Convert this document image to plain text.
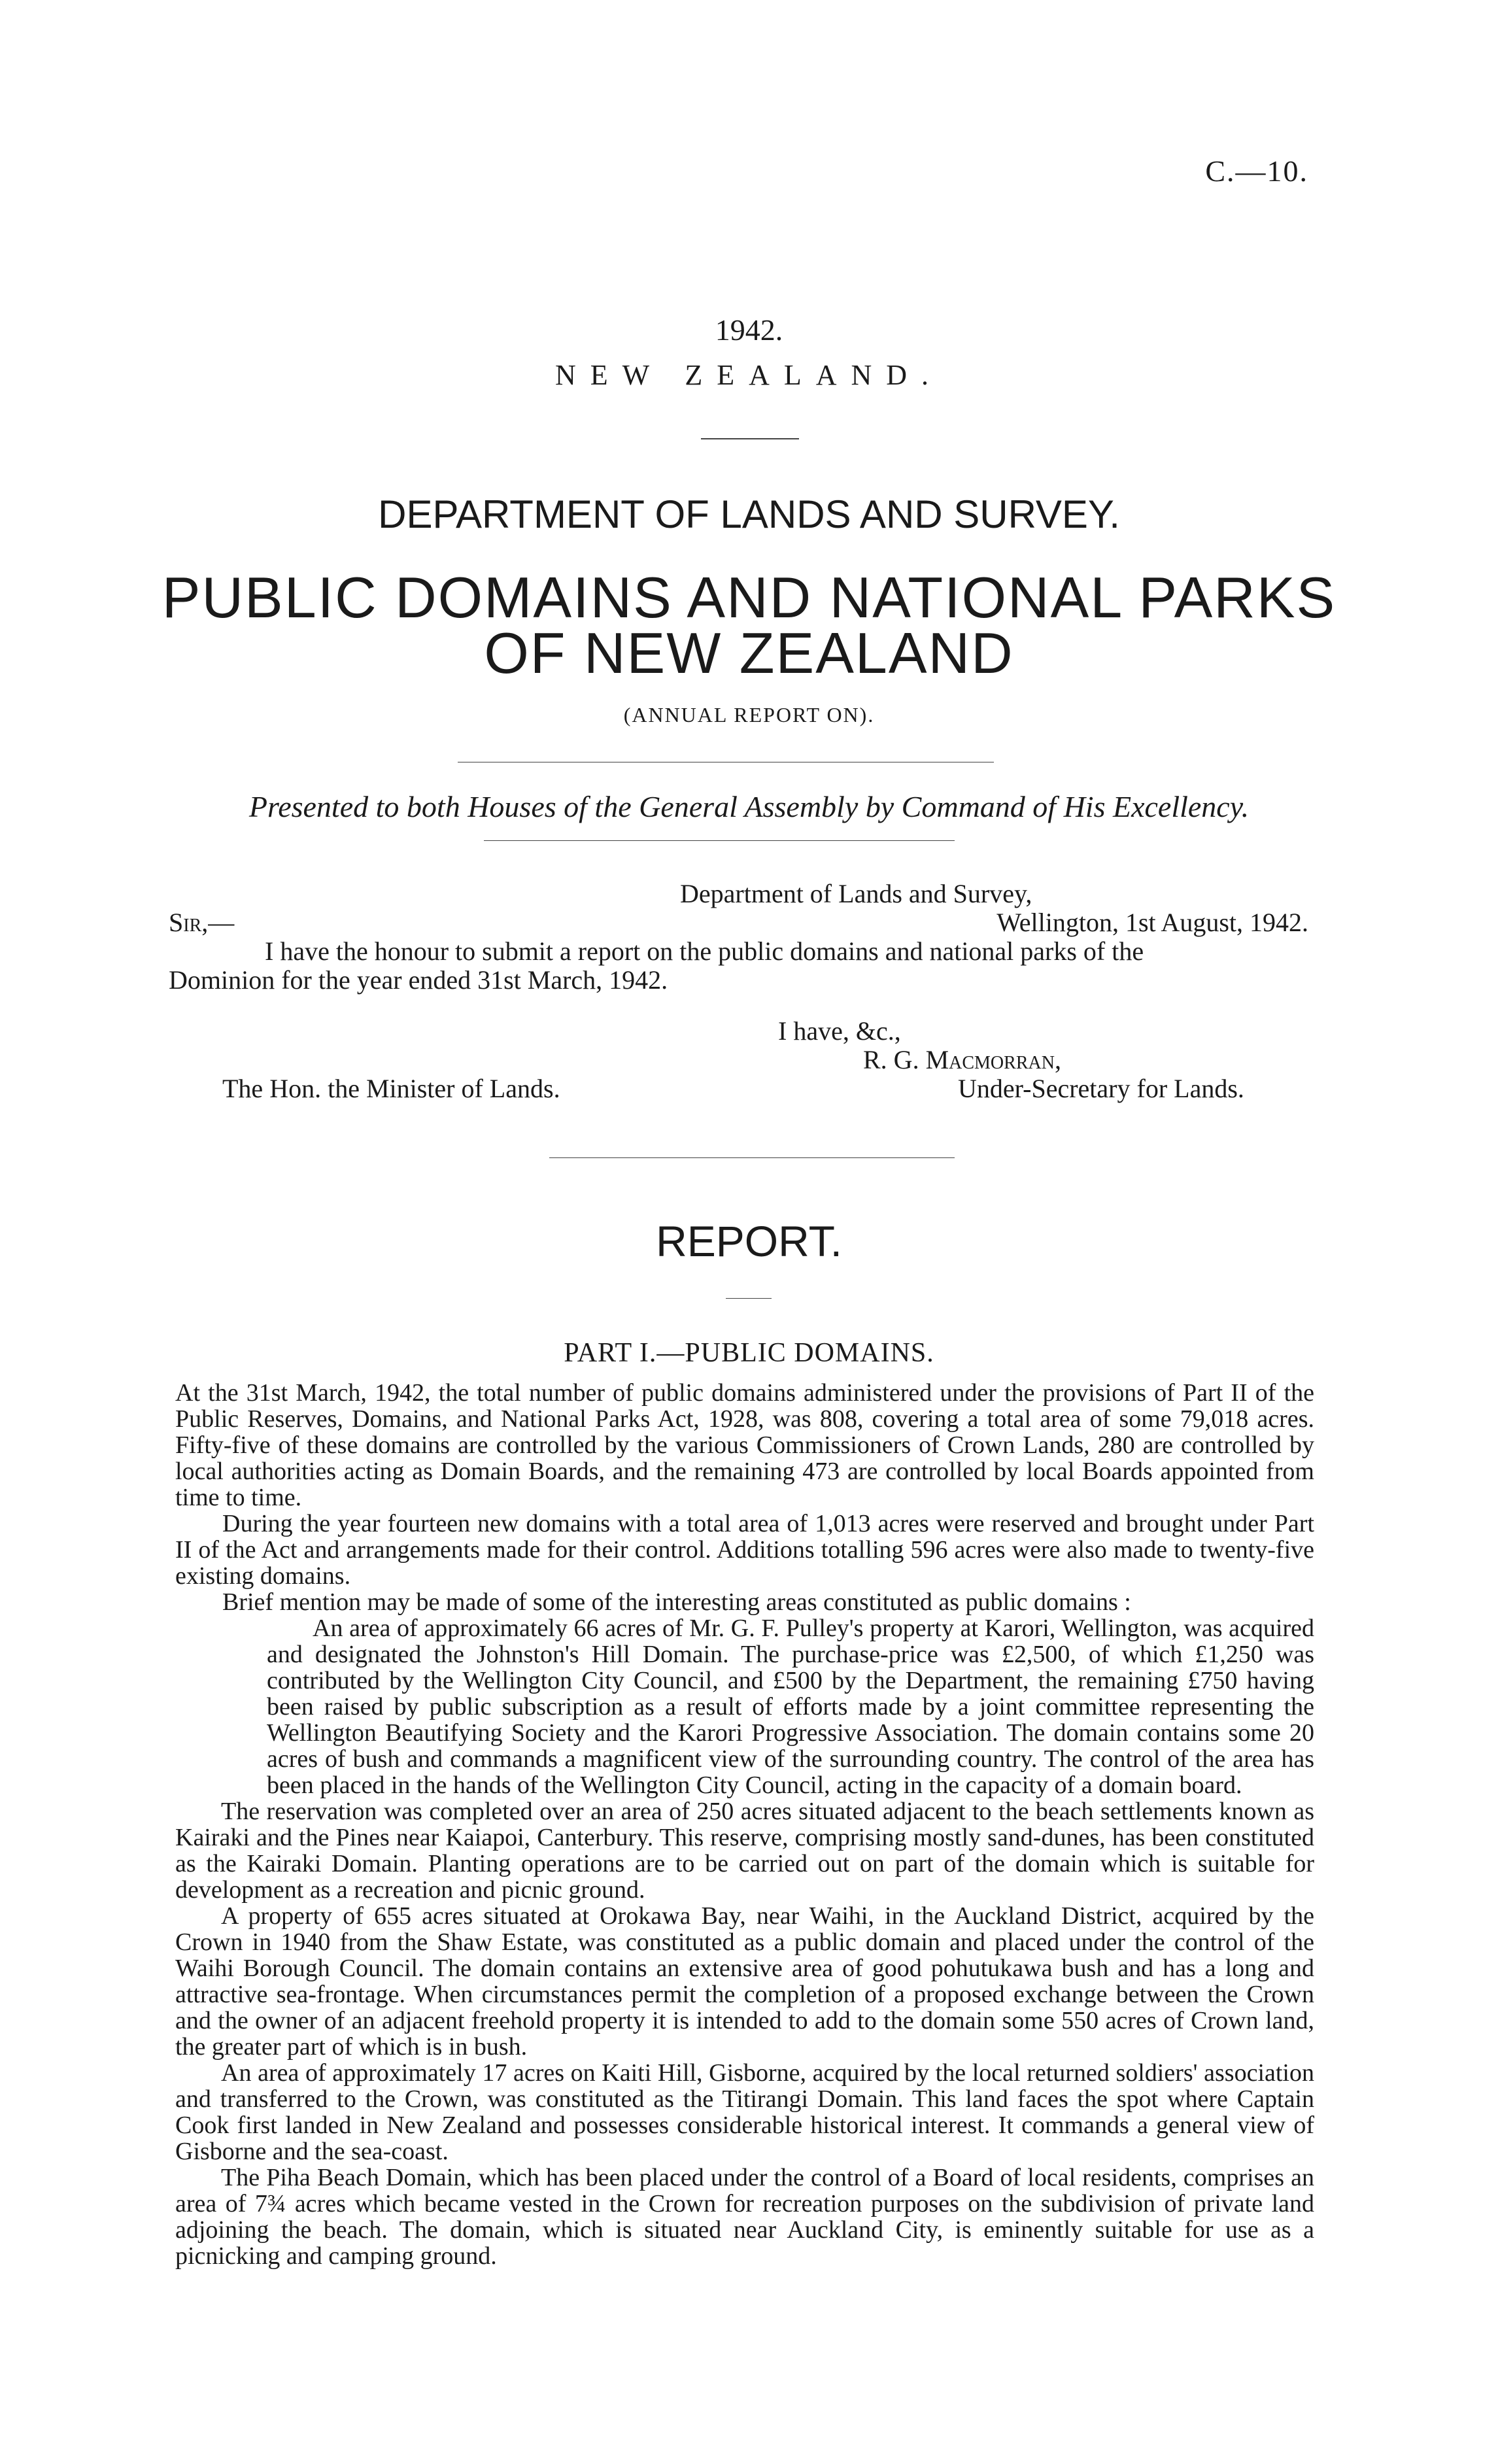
C.—10.
1942.
NEW ZEALAND.
DEPARTMENT OF LANDS AND SURVEY.
PUBLIC DOMAINS AND NATIONAL PARKS
OF NEW ZEALAND
(ANNUAL REPORT ON).
Presented to both Houses of the General Assembly by Command of His Excellency.
Department of Lands and Survey,
Wellington, 1st August, 1942.
Sir,—
I have the honour to submit a report on the public domains and national parks of the
Dominion for the year ended 31st March, 1942.
I have, &c.,
R. G. Macmorran,
The Hon. the Minister of Lands.	Under-Secretary for Lands.
REPORT.
PART I.—PUBLIC DOMAINS.

At the 31st March, 1942, the total number of public domains administered under the provisions of Part II of the Public Reserves, Domains, and National Parks Act, 1928, was 808, covering a total area of some 79,018 acres. Fifty-five of these domains are controlled by the various Commissioners of Crown Lands, 280 are controlled by local authorities acting as Domain Boards, and the remaining 473 are controlled by local Boards appointed from time to time.

During the year fourteen new domains with a total area of 1,013 acres were reserved and brought under Part II of the Act and arrangements made for their control. Additions totalling 596 acres were also made to twenty-five existing domains.

Brief mention may be made of some of the interesting areas constituted as public domains :

An area of approximately 66 acres of Mr. G. F. Pulley's property at Karori, Wellington, was acquired and designated the Johnston's Hill Domain. The purchase-price was £2,500, of which £1,250 was contributed by the Wellington City Council, and £500 by the Department, the remaining £750 having been raised by public subscription as a result of efforts made by a joint committee representing the Wellington Beautifying Society and the Karori Progressive Association. The domain contains some 20 acres of bush and commands a magnificent view of the surrounding country. The control of the area has been placed in the hands of the Wellington City Council, acting in the capacity of a domain board.

The reservation was completed over an area of 250 acres situated adjacent to the beach settlements known as Kairaki and the Pines near Kaiapoi, Canterbury. This reserve, comprising mostly sand-dunes, has been constituted as the Kairaki Domain. Planting operations are to be carried out on part of the domain which is suitable for development as a recreation and picnic ground.

A property of 655 acres situated at Orokawa Bay, near Waihi, in the Auckland District, acquired by the Crown in 1940 from the Shaw Estate, was constituted as a public domain and placed under the control of the Waihi Borough Council. The domain contains an extensive area of good pohutukawa bush and has a long and attractive sea-frontage. When circumstances permit the completion of a proposed exchange between the Crown and the owner of an adjacent freehold property it is intended to add to the domain some 550 acres of Crown land, the greater part of which is in bush.

An area of approximately 17 acres on Kaiti Hill, Gisborne, acquired by the local returned soldiers' association and transferred to the Crown, was constituted as the Titirangi Domain. This land faces the spot where Captain Cook first landed in New Zealand and possesses considerable historical interest. It commands a general view of Gisborne and the sea-coast.

The Piha Beach Domain, which has been placed under the control of a Board of local residents, comprises an area of 7¾ acres which became vested in the Crown for recreation purposes on the subdivision of private land adjoining the beach. The domain, which is situated near Auckland City, is eminently suitable for use as a picnicking and camping ground.
